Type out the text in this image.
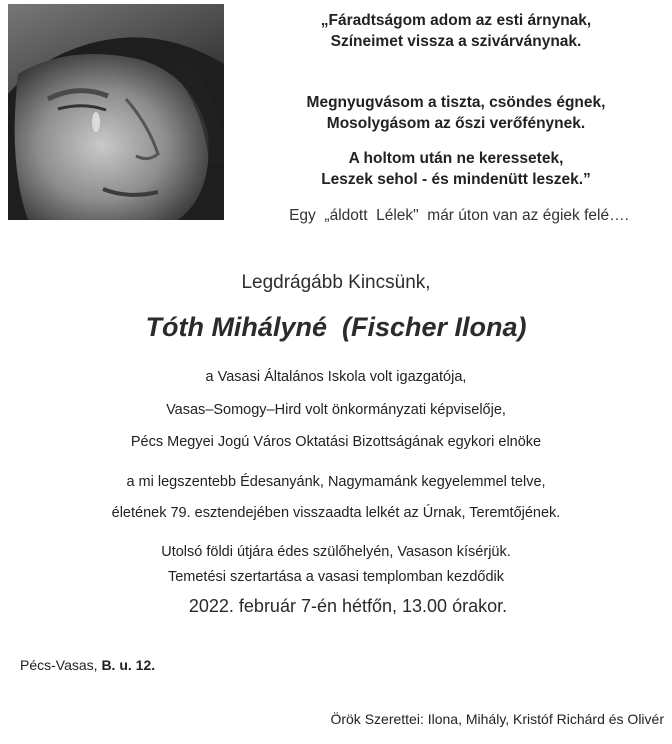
„Fáradtságom adom az esti árnynak,
Színeimet vissza a szivárványnak.
Megnyugvásom a tiszta, csöndes égnek,
Mosolygásom az őszi verőfénynek.
A holtom után ne keressetek,
Leszek sehol - és mindenütt leszek.”
Egy  „áldott  Lélek"  már úton van az égiek felé….
Legdrágább Kincsünk,
Tóth Mihályné  (Fischer Ilona)
a Vasasi Általános Iskola volt igazgatója,
Vasas–Somogy–Hird volt önkormányzati képviselője,
Pécs Megyei Jogú Város Oktatási Bizottságának egykori elnöke
a mi legszentebb Édesanyánk, Nagymamánk kegyelemmel telve,
életének 79. esztendejében visszaadta lelkét az Úrnak, Teremtőjének.
Utolsó földi útjára édes szülőhelyén, Vasason kísérjük.
Temetési szertartása a vasasi templomban kezdődik
2022. február 7-én hétfőn, 13.00 órakor.
Pécs-Vasas, B. u. 12.
Örök Szerettei: Ilona, Mihály, Kristóf Richárd és Olivér
